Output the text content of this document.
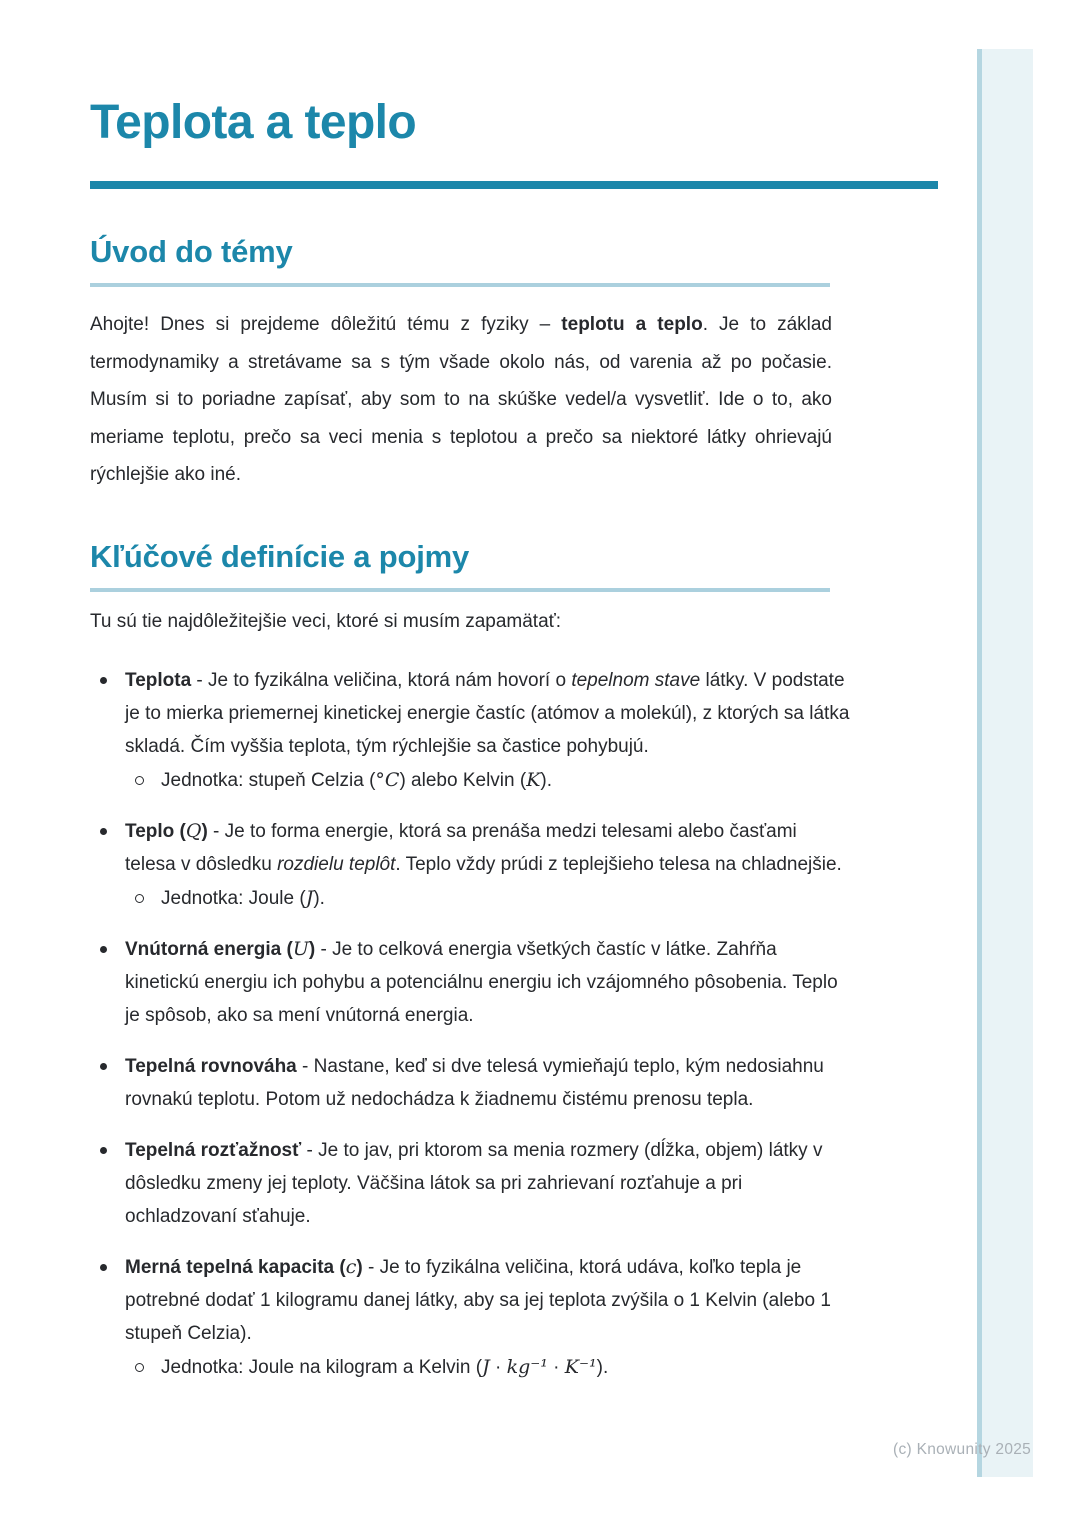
(c) Knowunity 2025
Teplota a teplo
Úvod do témy

Ahojte! Dnes si prejdeme dôležitú tému z fyziky – teplotu a teplo. Je to základ termodynamiky a stretávame sa s tým všade okolo nás, od varenia až po počasie. Musím si to poriadne zapísať, aby som to na skúške vedel/a vysvetliť. Ide o to, ako meriame teplotu, prečo sa veci menia s teplotou a prečo sa niektoré látky ohrievajú rýchlejšie ako iné.

Kľúčové definície a pojmy

Tu sú tie najdôležitejšie veci, ktoré si musím zapamätať:

Teplota - Je to fyzikálna veličina, ktorá nám hovorí o tepelnom stave látky. V podstate je to mierka priemernej kinetickej energie častíc (atómov a molekúl), z ktorých sa látka skladá. Čím vyššia teplota, tým rýchlejšie sa častice pohybujú.
Jednotka: stupeň Celzia (°C) alebo Kelvin (K).
Teplo (Q) - Je to forma energie, ktorá sa prenáša medzi telesami alebo časťami telesa v dôsledku rozdielu teplôt. Teplo vždy prúdi z teplejšieho telesa na chladnejšie.
Jednotka: Joule (J).
Vnútorná energia (U) - Je to celková energia všetkých častíc v látke. Zahŕňa kinetickú energiu ich pohybu a potenciálnu energiu ich vzájomného pôsobenia. Teplo je spôsob, ako sa mení vnútorná energia.
Tepelná rovnováha - Nastane, keď si dve telesá vymieňajú teplo, kým nedosiahnu rovnakú teplotu. Potom už nedochádza k žiadnemu čistému prenosu tepla.
Tepelná rozťažnosť - Je to jav, pri ktorom sa menia rozmery (dĺžka, objem) látky v dôsledku zmeny jej teploty. Väčšina látok sa pri zahrievaní rozťahuje a pri ochladzovaní sťahuje.
Merná tepelná kapacita (c) - Je to fyzikálna veličina, ktorá udáva, koľko tepla je potrebné dodať 1 kilogramu danej látky, aby sa jej teplota zvýšila o 1 Kelvin (alebo 1 stupeň Celzia).
Jednotka: Joule na kilogram a Kelvin (J · kg⁻¹ · K⁻¹).
